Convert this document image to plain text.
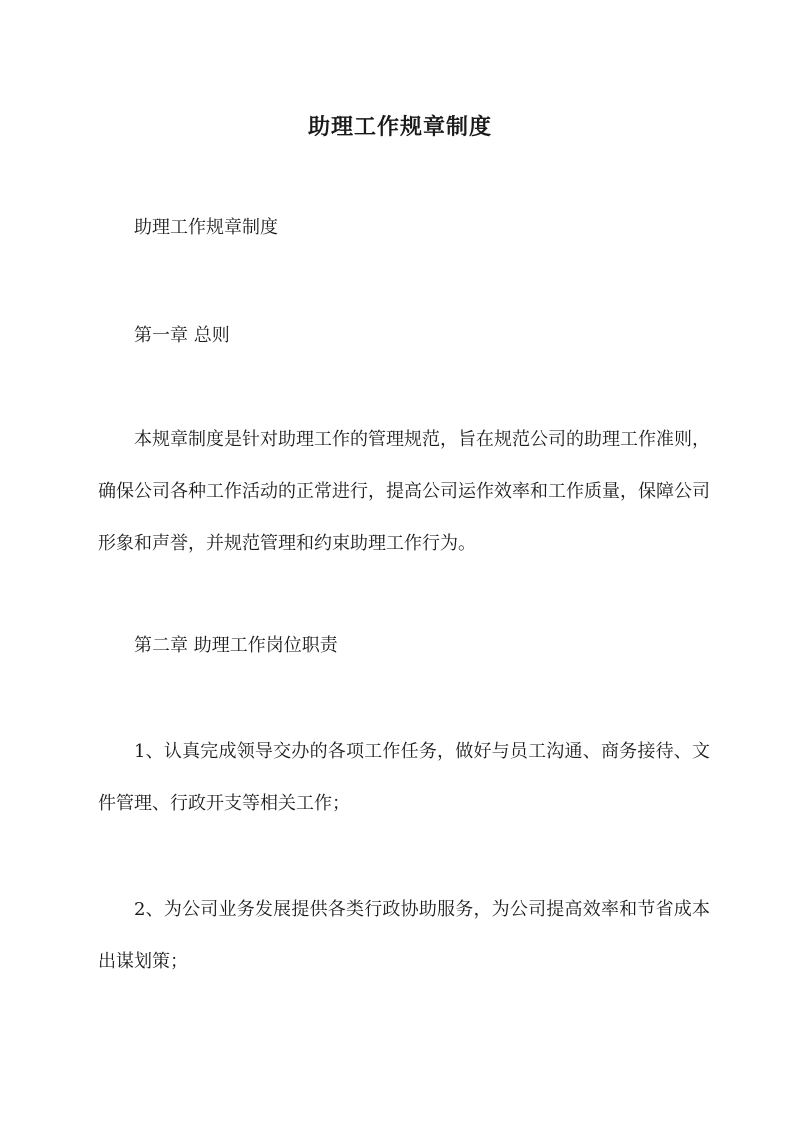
助理工作规章制度

助理工作规章制度

第一章 总则

本规章制度是针对助理工作的管理规范，旨在规范公司的助理工作准则，确保公司各种工作活动的正常进行，提高公司运作效率和工作质量，保障公司形象和声誉，并规范管理和约束助理工作行为。

第二章 助理工作岗位职责

1、认真完成领导交办的各项工作任务，做好与员工沟通、商务接待、文件管理、行政开支等相关工作；

2、为公司业务发展提供各类行政协助服务，为公司提高效率和节省成本出谋划策；
